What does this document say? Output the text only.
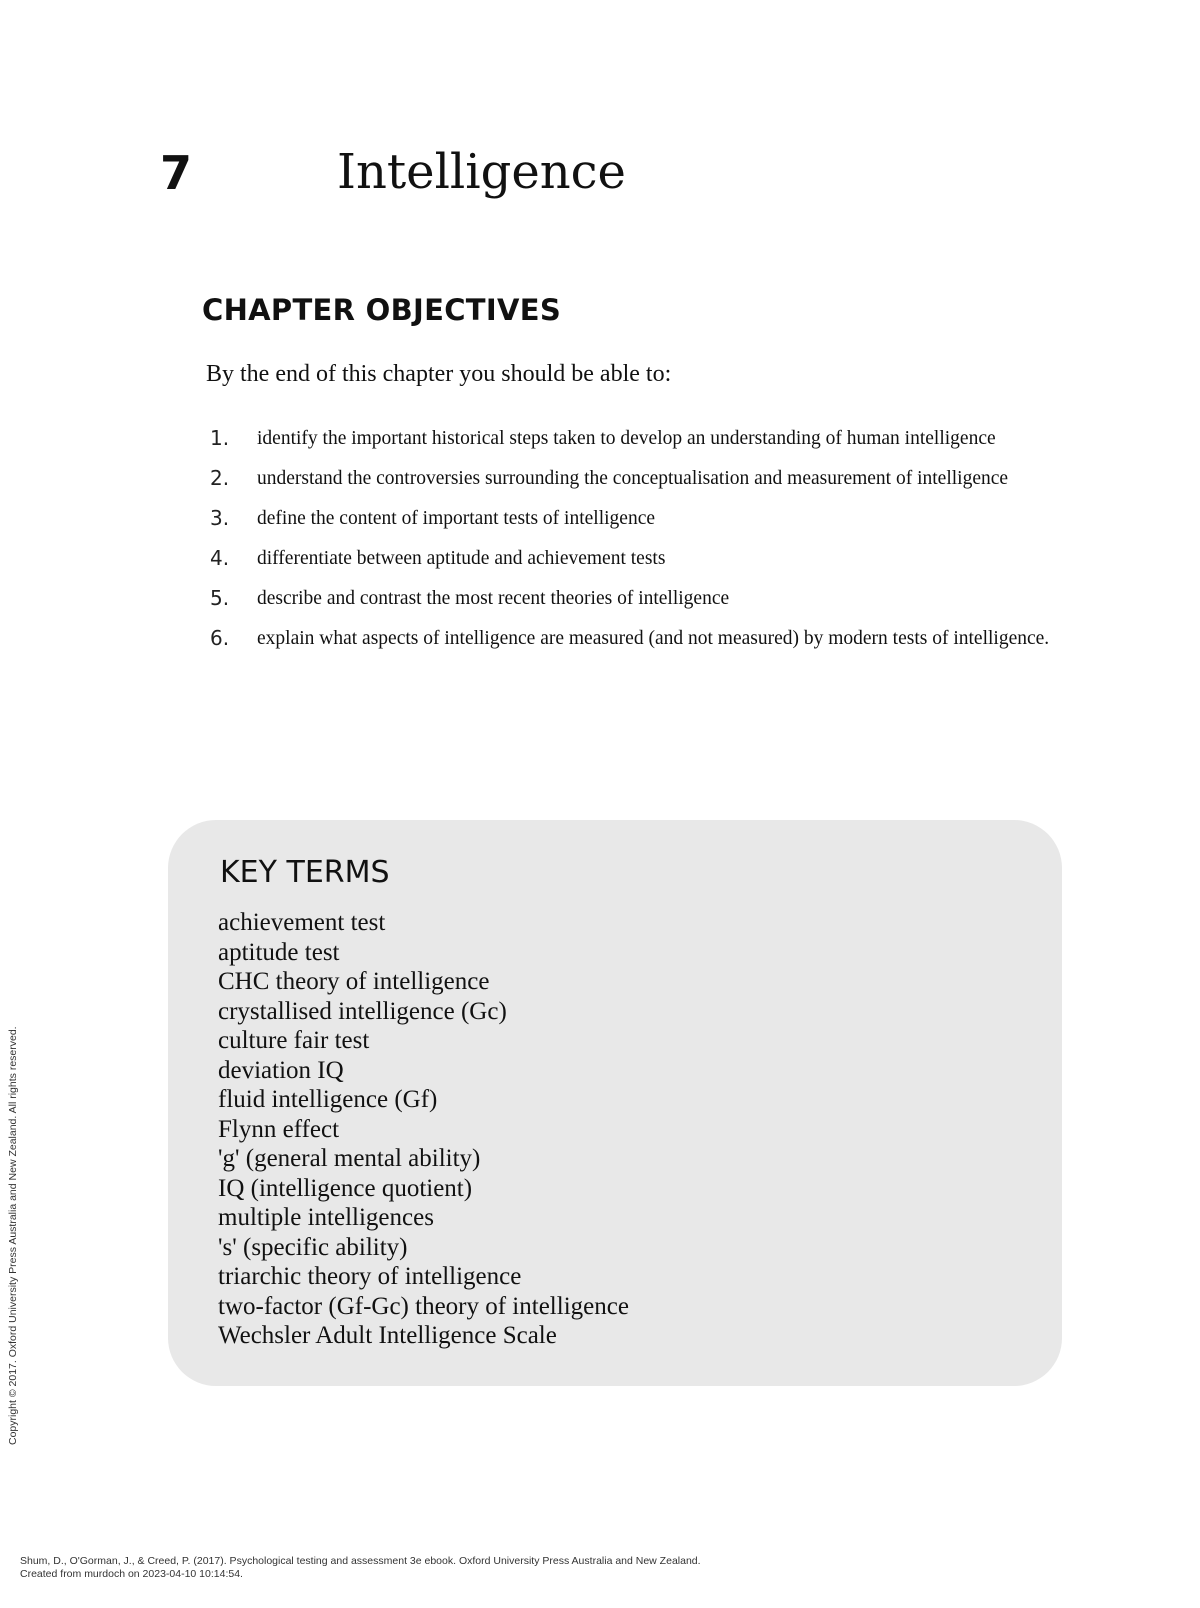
7	Intelligence
CHAPTER OBJECTIVES

By the end of this chapter you should be able to:

1.	identify the important historical steps taken to develop an understanding of human intelligence
2.	understand the controversies surrounding the conceptualisation and measurement of intelligence
3.	define the content of important tests of intelligence
4.	differentiate between aptitude and achievement tests
5.	describe and contrast the most recent theories of intelligence
6.	explain what aspects of intelligence are measured (and not measured) by modern tests of intelligence.
KEY TERMS
achievement test
aptitude test
CHC theory of intelligence
crystallised intelligence (Gc)
culture fair test
deviation IQ
fluid intelligence (Gf)
Flynn effect
'g' (general mental ability)
IQ (intelligence quotient)
multiple intelligences
's' (specific ability)
triarchic theory of intelligence
two-factor (Gf-Gc) theory of intelligence
Wechsler Adult Intelligence Scale
Copyright © 2017. Oxford University Press Australia and New Zealand. All rights reserved.
Shum, D., O'Gorman, J., & Creed, P. (2017). Psychological testing and assessment 3e ebook. Oxford University Press Australia and New Zealand.
Created from murdoch on 2023-04-10 10:14:54.
